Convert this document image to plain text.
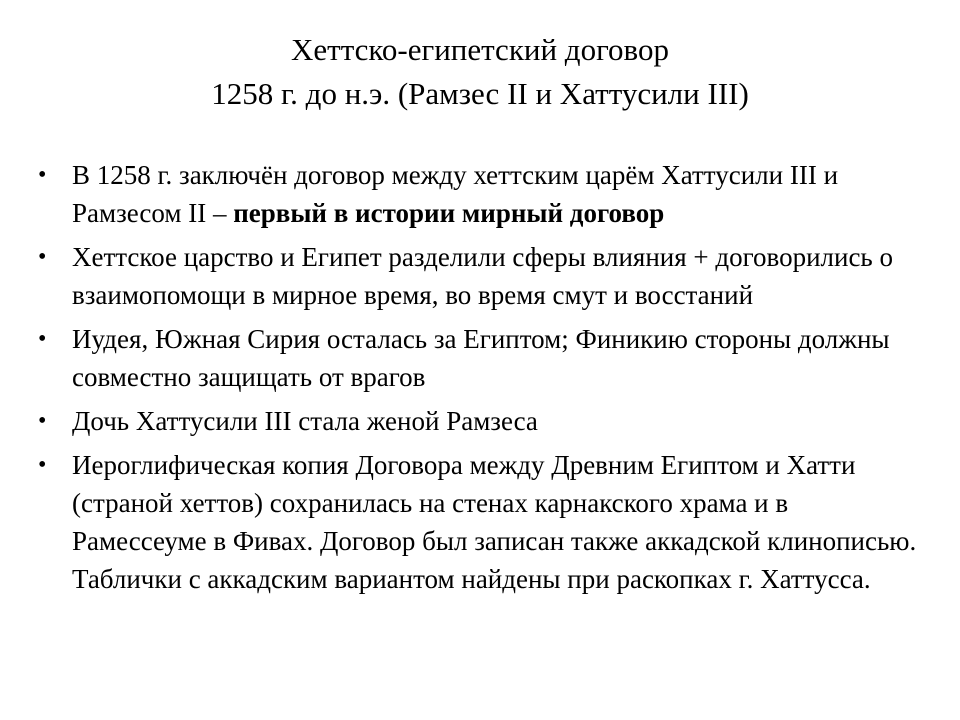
Хеттско-египетский договор
1258 г. до н.э. (Рамзес II и Хаттусили III)
• В 1258 г. заключён договор между хеттским царём Хаттусили III и Рамзесом II – первый в истории мирный договор
• Хеттское царство и Египет разделили сферы влияния + договорились о взаимопомощи в мирное время, во время смут и восстаний
• Иудея, Южная Сирия осталась за Египтом; Финикию стороны должны совместно защищать от врагов
• Дочь Хаттусили III стала женой Рамзеса
• Иероглифическая копия Договора между Древним Египтом и Хатти (страной хеттов) сохранилась на стенах карнакского храма и в Рамессеуме в Фивах. Договор был записан также аккадской клинописью. Таблички с аккадским вариантом найдены при раскопках г. Хаттусса.
